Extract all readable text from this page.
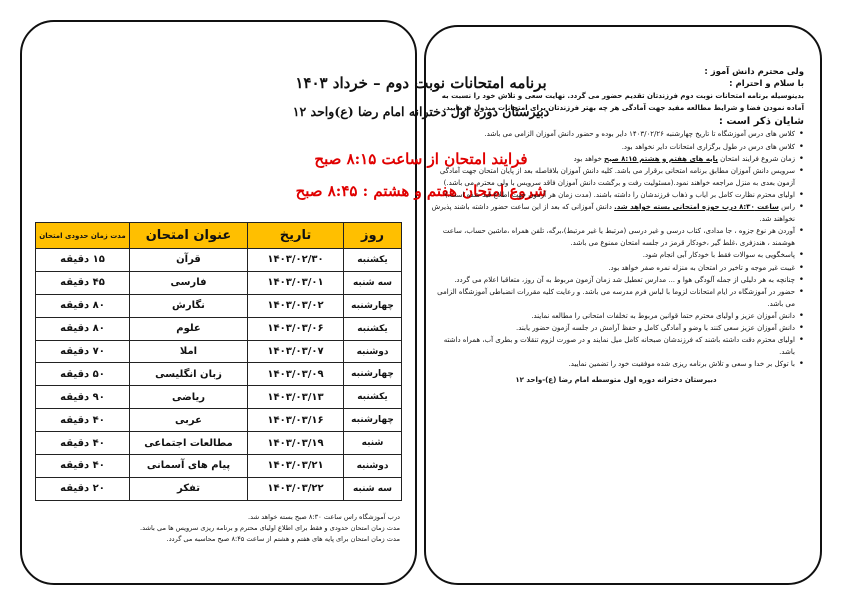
برنامه امتحانات نوبت دوم – خرداد ۱۴۰۳
دبیرستان دوره اول دخترانه امام رضا (ع)واحد ۱۲
فرایند امتحان از ساعت ۸:۱۵ صبح
شروع امتحان هفتم و هشتم : ۸:۴۵ صبح
روز	تاریخ	عنوان امتحان	مدت زمان حدودی امتحان
یکشنبه	۱۴۰۳/۰۲/۳۰	قرآن	۱۵ دقیقه
سه شنبه	۱۴۰۳/۰۳/۰۱	فارسی	۴۵ دقیقه
چهارشنبه	۱۴۰۳/۰۳/۰۲	نگارش	۸۰ دقیقه
یکشنبه	۱۴۰۳/۰۳/۰۶	علوم	۸۰ دقیقه
دوشنبه	۱۴۰۳/۰۳/۰۷	املا	۷۰ دقیقه
چهارشنبه	۱۴۰۳/۰۳/۰۹	زبان انگلیسی	۵۰ دقیقه
یکشنبه	۱۴۰۳/۰۳/۱۳	ریاضی	۹۰ دقیقه
چهارشنبه	۱۴۰۳/۰۳/۱۶	عربی	۴۰ دقیقه
شنبه	۱۴۰۳/۰۳/۱۹	مطالعات اجتماعی	۴۰ دقیقه
دوشنبه	۱۴۰۳/۰۳/۲۱	پیام های آسمانی	۴۰ دقیقه
سه شنبه	۱۴۰۳/۰۳/۲۲	تفکر	۲۰ دقیقه
درب آموزشگاه راس ساعت ۸:۳۰ صبح بسته خواهد شد.
مدت زمان امتحان حدودی و فقط برای اطلاع اولیای محترم و برنامه ریزی سرویس ها می باشد.
مدت زمان امتحان برای پایه های هفتم و هشتم از ساعت ۸:۴۵ صبح محاسبه می گردد.

ولی محترم دانش آموز :

با سلام و احترام :

بدینوسیله برنامه امتحانات نوبت دوم فرزندتان تقدیم حضور می گردد. نهایت سعی و تلاش خود را نسبت به آماده نمودن فضا و شرایط مطالعه مفید جهت آمادگی هر چه بهتر فرزندتان برای امتحانات مبذول فرمایید.

شایان ذکر است :

• کلاس های درس آموزشگاه تا تاریخ چهارشنبه ۱۴۰۳/۰۲/۲۶ دایر بوده و حضور دانش آموزان الزامی می باشد.
• کلاس های درس در طول برگزاری امتحانات دایر نخواهد بود.
• زمان شروع فرایند امتحان پایه های هفتم و هشتم ۸:۱۵ صبح خواهد بود
• سرویس دانش آموزان مطابق برنامه امتحانی برقرار می باشد. کلیه دانش آموزان بلافاصله بعد از پایان امتحان جهت آمادگی آزمون بعدی به منزل مراجعه خواهند نمود.(مسئولیت رفت و برگشت دانش آموزان فاقد سرویس با ولی محترم می باشد.)
• اولیای محترم نظارت کامل بر ایاب و ذهاب فرزندشان را داشته باشند. (مدت زمان هر آزمون جهت اطلاع قید شده است.)
• راس ساعت ۸:۳۰ درب حوزه امتحانی بسته خواهد شد. دانش آموزانی که بعد از این ساعت حضور داشته باشند پذیرش نخواهند شد.
• آوردن هر نوع جزوه ، جا مدادی، کتاب درسی و غیر درسی (مرتبط یا غیر مرتبط)،برگه، تلفن همراه ،ماشین حساب، ساعت هوشمند ، هندزفری ،غلط گیر ،خودکار قرمز در جلسه امتحان ممنوع می باشد.
• پاسخگویی به سوالات فقط با خودکار آبی انجام شود.
• غیبت غیر موجه و تاخیر در امتحان به منزله نمره صفر خواهد بود.
• چنانچه به هر دلیلی از جمله آلودگی هوا و ... مدارس تعطیل شد زمان آزمون مربوط به آن روز، متعاقبا اعلام می گردد.
• حضور در آموزشگاه در ایام امتحانات لزوما با لباس فرم مدرسه می باشد. و رعایت کلیه مقررات انضباطی آموزشگاه الزامی می باشد.
• دانش آموزان عزیز و اولیای محترم حتما قوانین مربوط به تخلفات امتحانی را مطالعه نمایند.
• دانش آموزان عزیز سعی کنند با وضو و آمادگی کامل و حفظ آرامش در جلسه آزمون حضور یابند.
• اولیای محترم دقت داشته باشند که فرزندشان صبحانه کامل میل نمایند و در صورت لزوم تنقلات و بطری آب، همراه داشته باشد.
• با توکل بر خدا و سعی و تلاش برنامه ریزی شده موفقیت خود را تضمین نمایید.

دبیرستان دخترانه دوره اول متوسطه امام رضا (ع)-واحد ۱۲
